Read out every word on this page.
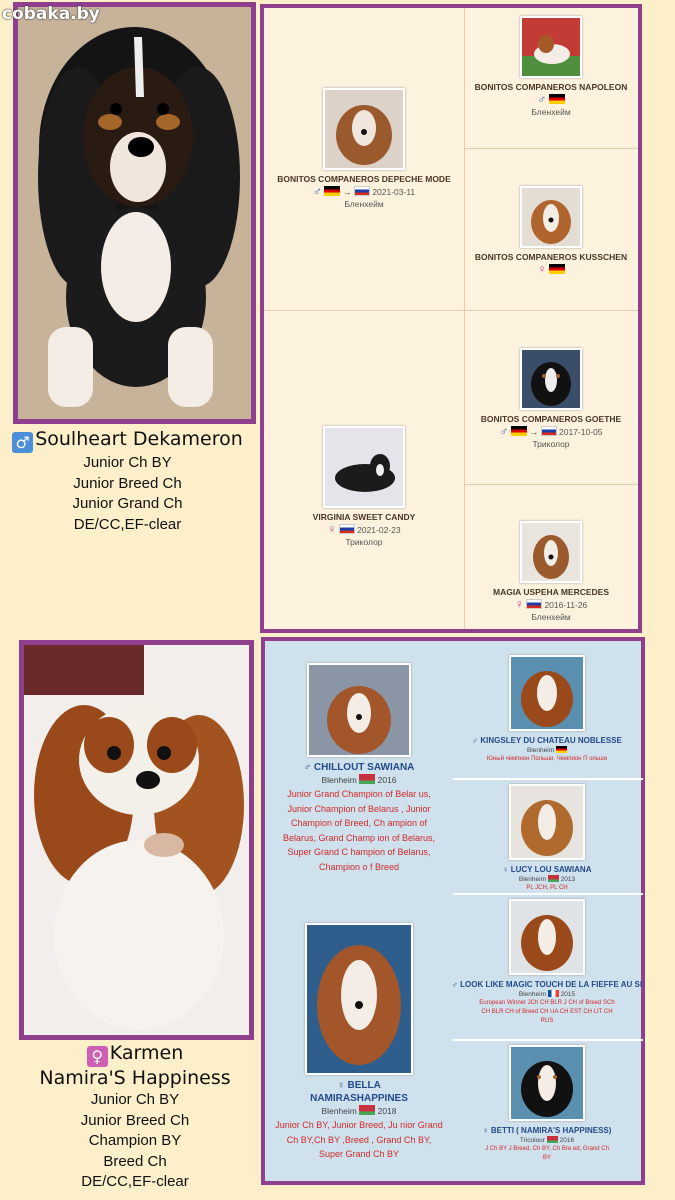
cobaka.by
♂ Soulheart Dekameron
Junior Ch BY
Junior Breed Ch
Junior Grand Ch
DE/CC,EF-clear
BONITOS COMPANEROS DEPECHE MODE
♂ → 2021-03-11
Бленхейм
VIRGINIA SWEET CANDY
♀ 2021-02-23
Триколор
BONITOS COMPANEROS NAPOLEON
♂
Бленхейм
BONITOS COMPANEROS KUSSCHEN
♀
BONITOS COMPANEROS GOETHE
♂ → 2017-10-05
Триколор
MAGIA USPEHA MERCEDES
♀ 2016-11-26
Бленхейм
♀ Karmen
Namira'S Happiness
Junior Ch BY
Junior Breed Ch
Champion BY
Breed Ch
DE/CC,EF-clear
♂ CHILLOUT SAWIANA
Blenheim 2016
Junior Grand Champion of Belar us, Junior Champion of Belarus , Junior Champion of Breed, Ch ampion of Belarus, Grand Champ ion of Belarus, Super Grand C hampion of Belarus, Champion o f Breed
♀ BELLA
NAMIRASHAPPINES
Blenheim 2018
Junior Ch BY, Junior Breed, Ju nior Grand Ch BY,Ch BY ,Breed , Grand Ch BY, Super Grand Ch BY
♂ KINGSLEY DU CHATEAU NOBLESSE
Blenheim
Юный чемпион Польши, Чемпион П ольши
♀ LUCY LOU SAWIANA
Blenheim 2013
PL JCH, PL CH
♂ LOOK LIKE MAGIC TOUCH DE LA FIEFFE AU SI
Blenheim 2015
European Winner JCh CH BLR J CH of Breed SCh CH BLR CH of Breed CH UA CH EST CH LIT CH RUS
♀ BETTI ( NAMIRA'S HAPPINESS)
Tricolour 2016
J Ch BY J Breed, Ch BY, Ch Bre ed, Grand Ch BY
